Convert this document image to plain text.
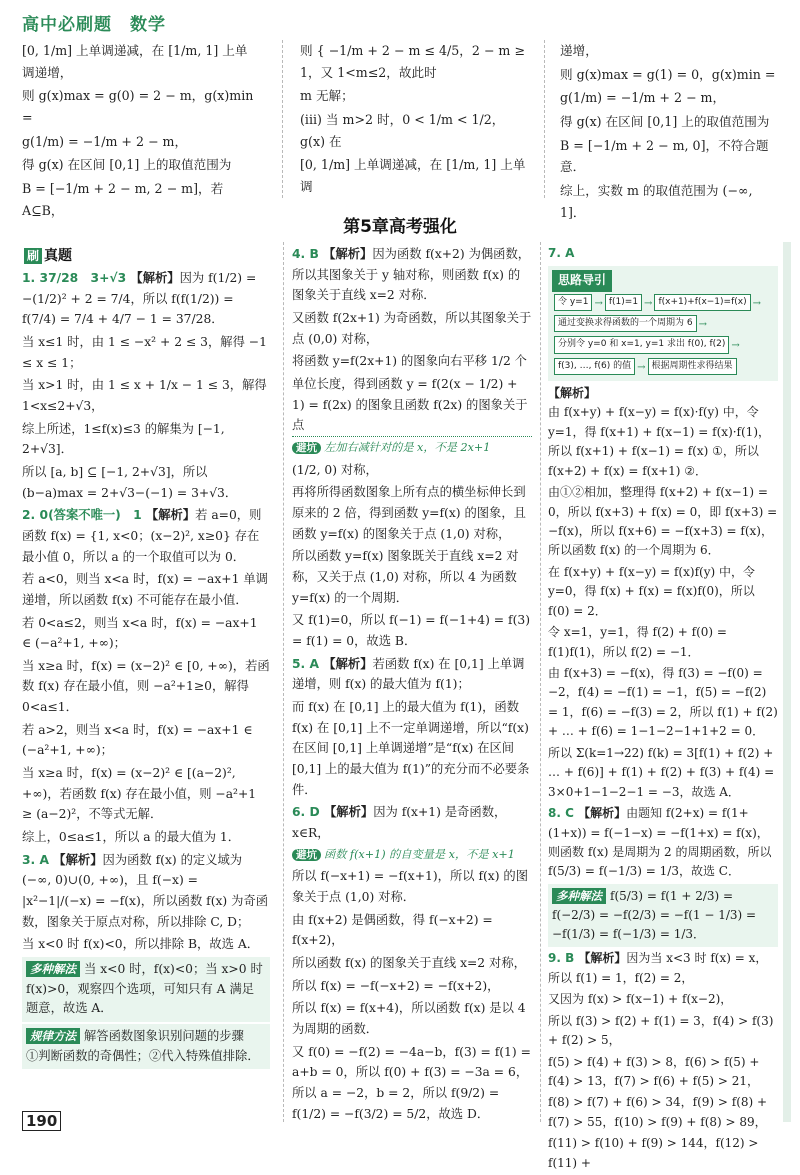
高中必刷题　数学

[0, 1/m] 上单调递减，在 [1/m, 1] 上单调递增，

则 g(x)max = g(0) = 2 − m，g(x)min =

g(1/m) = −1/m + 2 − m，

得 g(x) 在区间 [0,1] 上的取值范围为

B = [−1/m + 2 − m, 2 − m]，若 A⊆B，

则 { −1/m + 2 − m ≤ 4/5，2 − m ≥ 1，又 1<m≤2，故此时

m 无解；

(iii) 当 m>2 时，0 < 1/m < 1/2，g(x) 在

[0, 1/m] 上单调递减，在 [1/m, 1] 上单调

递增，

则 g(x)max = g(1) = 0，g(x)min =

g(1/m) = −1/m + 2 − m，

得 g(x) 在区间 [0,1] 上的取值范围为

B = [−1/m + 2 − m, 0]，不符合题意．

综上，实数 m 的取值范围为 (−∞, 1]．

第5章高考强化
刷 真题

1. 37/28　3+√3 【解析】因为 f(1/2) = −(1/2)² + 2 = 7/4，所以 f(f(1/2)) = f(7/4) = 7/4 + 4/7 − 1 = 37/28．

当 x≤1 时，由 1 ≤ −x² + 2 ≤ 3，解得 −1 ≤ x ≤ 1；

当 x>1 时，由 1 ≤ x + 1/x − 1 ≤ 3，解得 1<x≤2+√3，

综上所述，1≤f(x)≤3 的解集为 [−1, 2+√3]．

所以 [a, b] ⊆ [−1, 2+√3]，所以 (b−a)max = 2+√3−(−1) = 3+√3．

2. 0(答案不唯一)　1 【解析】若 a=0，则函数 f(x) = {1, x<0；(x−2)², x≥0} 存在最小值 0，所以 a 的一个取值可以为 0．

若 a<0，则当 x<a 时，f(x) = −ax+1 单调递增，所以函数 f(x) 不可能存在最小值．

若 0<a≤2，则当 x<a 时，f(x) = −ax+1 ∈ (−a²+1, +∞)；

当 x≥a 时，f(x) = (x−2)² ∈ [0, +∞)，若函数 f(x) 存在最小值，则 −a²+1≥0，解得 0<a≤1．

若 a>2，则当 x<a 时，f(x) = −ax+1 ∈ (−a²+1, +∞)；

当 x≥a 时，f(x) = (x−2)² ∈ [(a−2)², +∞)，若函数 f(x) 存在最小值，则 −a²+1 ≥ (a−2)²，不等式无解．

综上，0≤a≤1，所以 a 的最大值为 1．

3. A 【解析】因为函数 f(x) 的定义域为 (−∞, 0)∪(0, +∞)，且 f(−x) = |x²−1|/(−x) = −f(x)，所以函数 f(x) 为奇函数，图象关于原点对称，所以排除 C, D；

当 x<0 时 f(x)<0，所以排除 B，故选 A．

多种解法 当 x<0 时，f(x)<0；当 x>0 时 f(x)>0，观察四个选项，可知只有 A 满足题意，故选 A．
规律方法 解答函数图象识别问题的步骤　①判断函数的奇偶性；②代入特殊值排除．

4. B 【解析】因为函数 f(x+2) 为偶函数，所以其图象关于 y 轴对称，则函数 f(x) 的图象关于直线 x=2 对称．

又函数 f(2x+1) 为奇函数，所以其图象关于点 (0,0) 对称，

将函数 y=f(2x+1) 的图象向右平移 1/2 个

单位长度，得到函数 y = f(2(x − 1/2) + 1) = f(2x) 的图象且函数 f(2x) 的图象关于点

避坑 左加右减针对的是 x，不是 2x+1

(1/2, 0) 对称，

再将所得函数图象上所有点的横坐标伸长到原来的 2 倍，得到函数 y=f(x) 的图象，且函数 y=f(x) 的图象关于点 (1,0) 对称，

所以函数 y=f(x) 图象既关于直线 x=2 对称，又关于点 (1,0) 对称，所以 4 为函数 y=f(x) 的一个周期．

又 f(1)=0，所以 f(−1) = f(−1+4) = f(3) = f(1) = 0，故选 B．

5. A 【解析】若函数 f(x) 在 [0,1] 上单调递增，则 f(x) 的最大值为 f(1)；

而 f(x) 在 [0,1] 上的最大值为 f(1)，函数 f(x) 在 [0,1] 上不一定单调递增，所以“f(x) 在区间 [0,1] 上单调递增”是“f(x) 在区间 [0,1] 上的最大值为 f(1)”的充分而不必要条件．

6. D 【解析】因为 f(x+1) 是奇函数，x∈R，

避坑 函数 f(x+1) 的自变量是 x，不是 x+1

所以 f(−x+1) = −f(x+1)，所以 f(x) 的图象关于点 (1,0) 对称．

由 f(x+2) 是偶函数，得 f(−x+2) = f(x+2)，

所以函数 f(x) 的图象关于直线 x=2 对称，

所以 f(x) = −f(−x+2) = −f(x+2)，

所以 f(x) = f(x+4)，所以函数 f(x) 是以 4 为周期的函数．

又 f(0) = −f(2) = −4a−b，f(3) = f(1) = a+b = 0，所以 f(0) + f(3) = −3a = 6，所以 a = −2，b = 2，所以 f(9/2) = f(1/2) = −f(3/2) = 5/2，故选 D．

7. A

思路导引
令 y=1 → f(1)=1 → f(x+1)+f(x−1)=f(x) →通过变换求得函数的一个周期为 6 →分别令 y=0 和 x=1, y=1 求出 f(0), f(2) →f(3), …, f(6) 的值 → 根据周期性求得结果
【解析】

由 f(x+y) + f(x−y) = f(x)·f(y) 中，令 y=1，得 f(x+1) + f(x−1) = f(x)·f(1)，所以 f(x+1) + f(x−1) = f(x) ①，所以 f(x+2) + f(x) = f(x+1) ②．

由①②相加，整理得 f(x+2) + f(x−1) = 0，所以 f(x+3) + f(x) = 0，即 f(x+3) = −f(x)，所以 f(x+6) = −f(x+3) = f(x)，所以函数 f(x) 的一个周期为 6．

在 f(x+y) + f(x−y) = f(x)f(y) 中，令 y=0，得 f(x) + f(x) = f(x)f(0)，所以 f(0) = 2．

令 x=1，y=1，得 f(2) + f(0) = f(1)f(1)，所以 f(2) = −1．

由 f(x+3) = −f(x)，得 f(3) = −f(0) = −2，f(4) = −f(1) = −1，f(5) = −f(2) = 1，f(6) = −f(3) = 2，所以 f(1) + f(2) + … + f(6) = 1−1−2−1+1+2 = 0．

所以 Σ(k=1→22) f(k) = 3[f(1) + f(2) + … + f(6)] + f(1) + f(2) + f(3) + f(4) = 3×0+1−1−2−1 = −3，故选 A．

8. C 【解析】由题知 f(2+x) = f(1+(1+x)) = f(−1−x) = −f(1+x) = f(x)，则函数 f(x) 是周期为 2 的周期函数，所以 f(5/3) = f(−1/3) = 1/3，故选 C．

多种解法 f(5/3) = f(1 + 2/3) = f(−2/3) = −f(2/3) = −f(1 − 1/3) = −f(1/3) = f(−1/3) = 1/3．

9. B 【解析】因为当 x<3 时 f(x) = x，所以 f(1) = 1，f(2) = 2，

又因为 f(x) > f(x−1) + f(x−2)，

所以 f(3) > f(2) + f(1) = 3，f(4) > f(3) + f(2) > 5，

f(5) > f(4) + f(3) > 8，f(6) > f(5) + f(4) > 13，f(7) > f(6) + f(5) > 21，

f(8) > f(7) + f(6) > 34，f(9) > f(8) + f(7) > 55，f(10) > f(9) + f(8) > 89，

f(11) > f(10) + f(9) > 144，f(12) > f(11) +

190
